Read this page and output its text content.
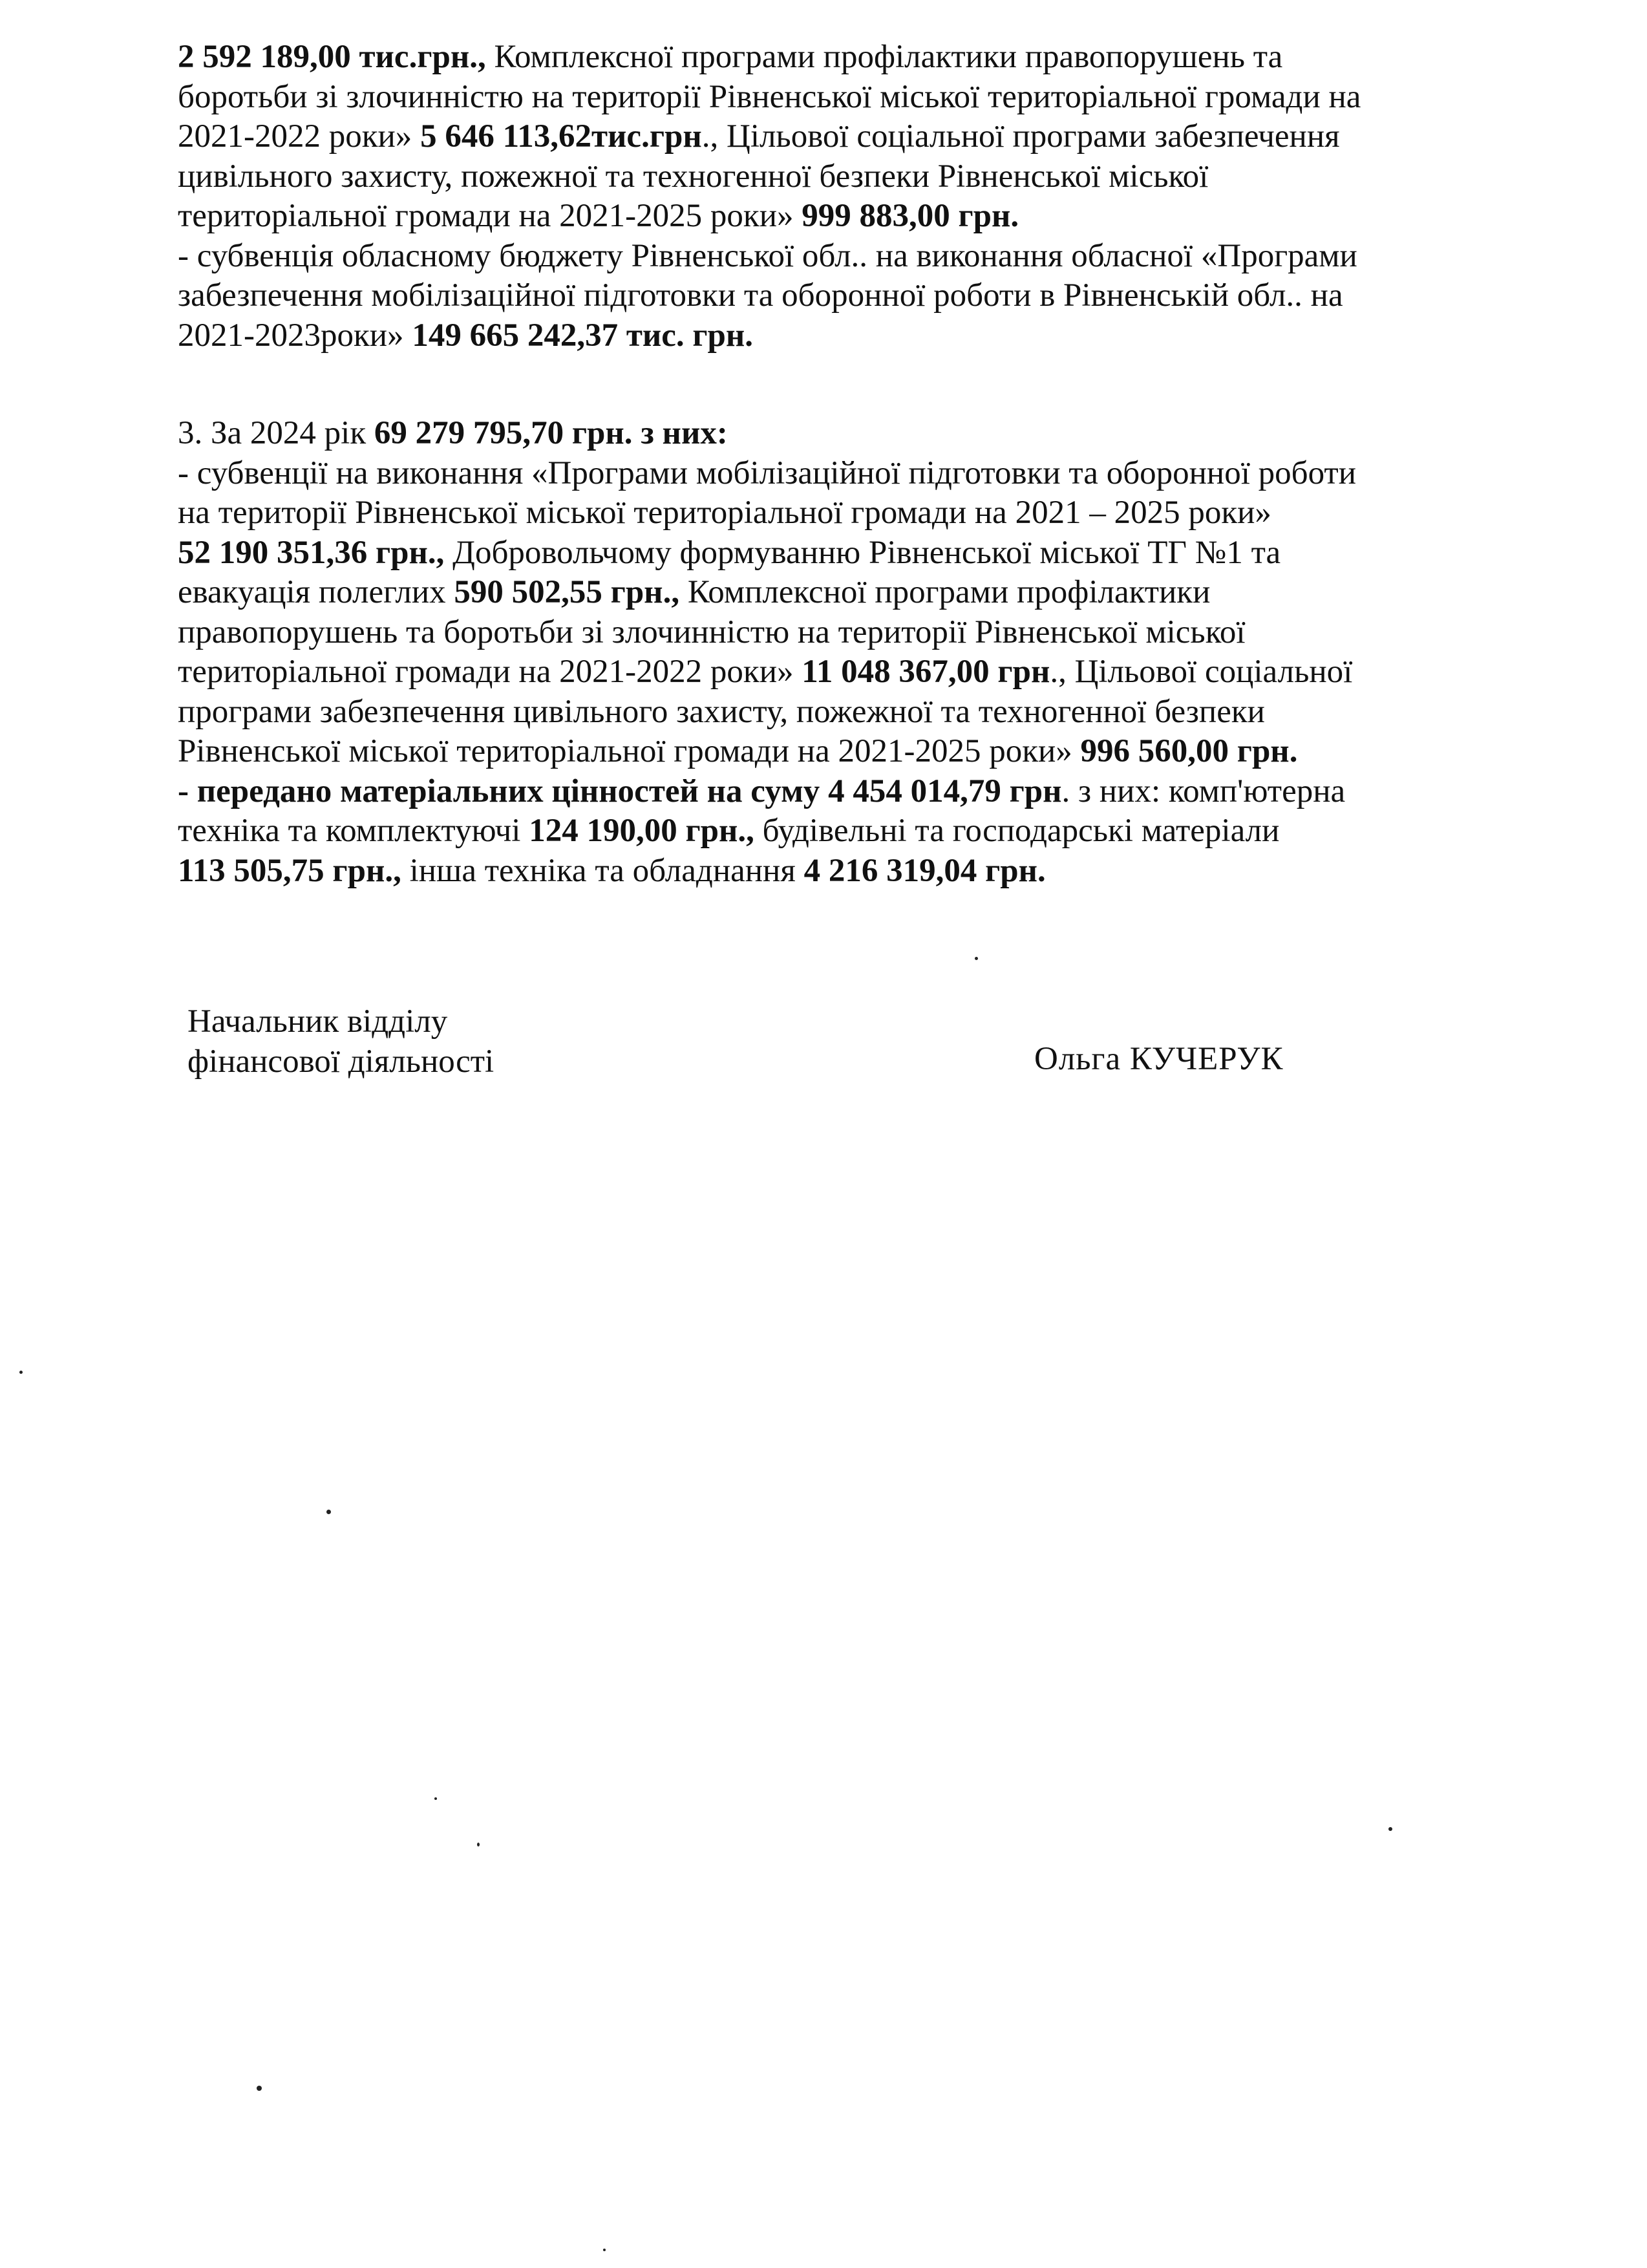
2 592 189,00 тис.грн., Комплексної програми профілактики правопорушень та
боротьби зі злочинністю на території Рівненської міської територіальної громади на
2021-2022 роки» 5 646 113,62тис.грн., Цільової соціальної програми забезпечення
цивільного захисту, пожежної та техногенної безпеки Рівненської міської
територіальної громади на 2021-2025 роки» 999 883,00 грн.
- субвенція обласному бюджету Рівненської обл.. на виконання обласної «Програми
забезпечення мобілізаційної підготовки та оборонної роботи в Рівненській обл.. на
2021-2023роки» 149 665 242,37 тис. грн.
3. За 2024 рік 69 279 795,70 грн. з них:
- субвенції на виконання «Програми мобілізаційної підготовки та оборонної роботи
на території Рівненської міської територіальної громади на 2021 – 2025 роки»
52 190 351,36 грн., Добровольчому формуванню Рівненської міської ТГ №1 та
евакуація полеглих 590 502,55 грн., Комплексної програми профілактики
правопорушень та боротьби зі злочинністю на території Рівненської міської
територіальної громади на 2021-2022 роки» 11 048 367,00 грн., Цільової соціальної
програми забезпечення цивільного захисту, пожежної та техногенної безпеки
Рівненської міської територіальної громади на 2021-2025 роки» 996 560,00 грн.
- передано матеріальних цінностей на суму 4 454 014,79 грн. з них: комп'ютерна
техніка та комплектуючі 124 190,00 грн., будівельні та господарські матеріали
113 505,75 грн., інша техніка та обладнання 4 216 319,04 грн.
Начальник відділу
фінансової діяльності	Ольга КУЧЕРУК
